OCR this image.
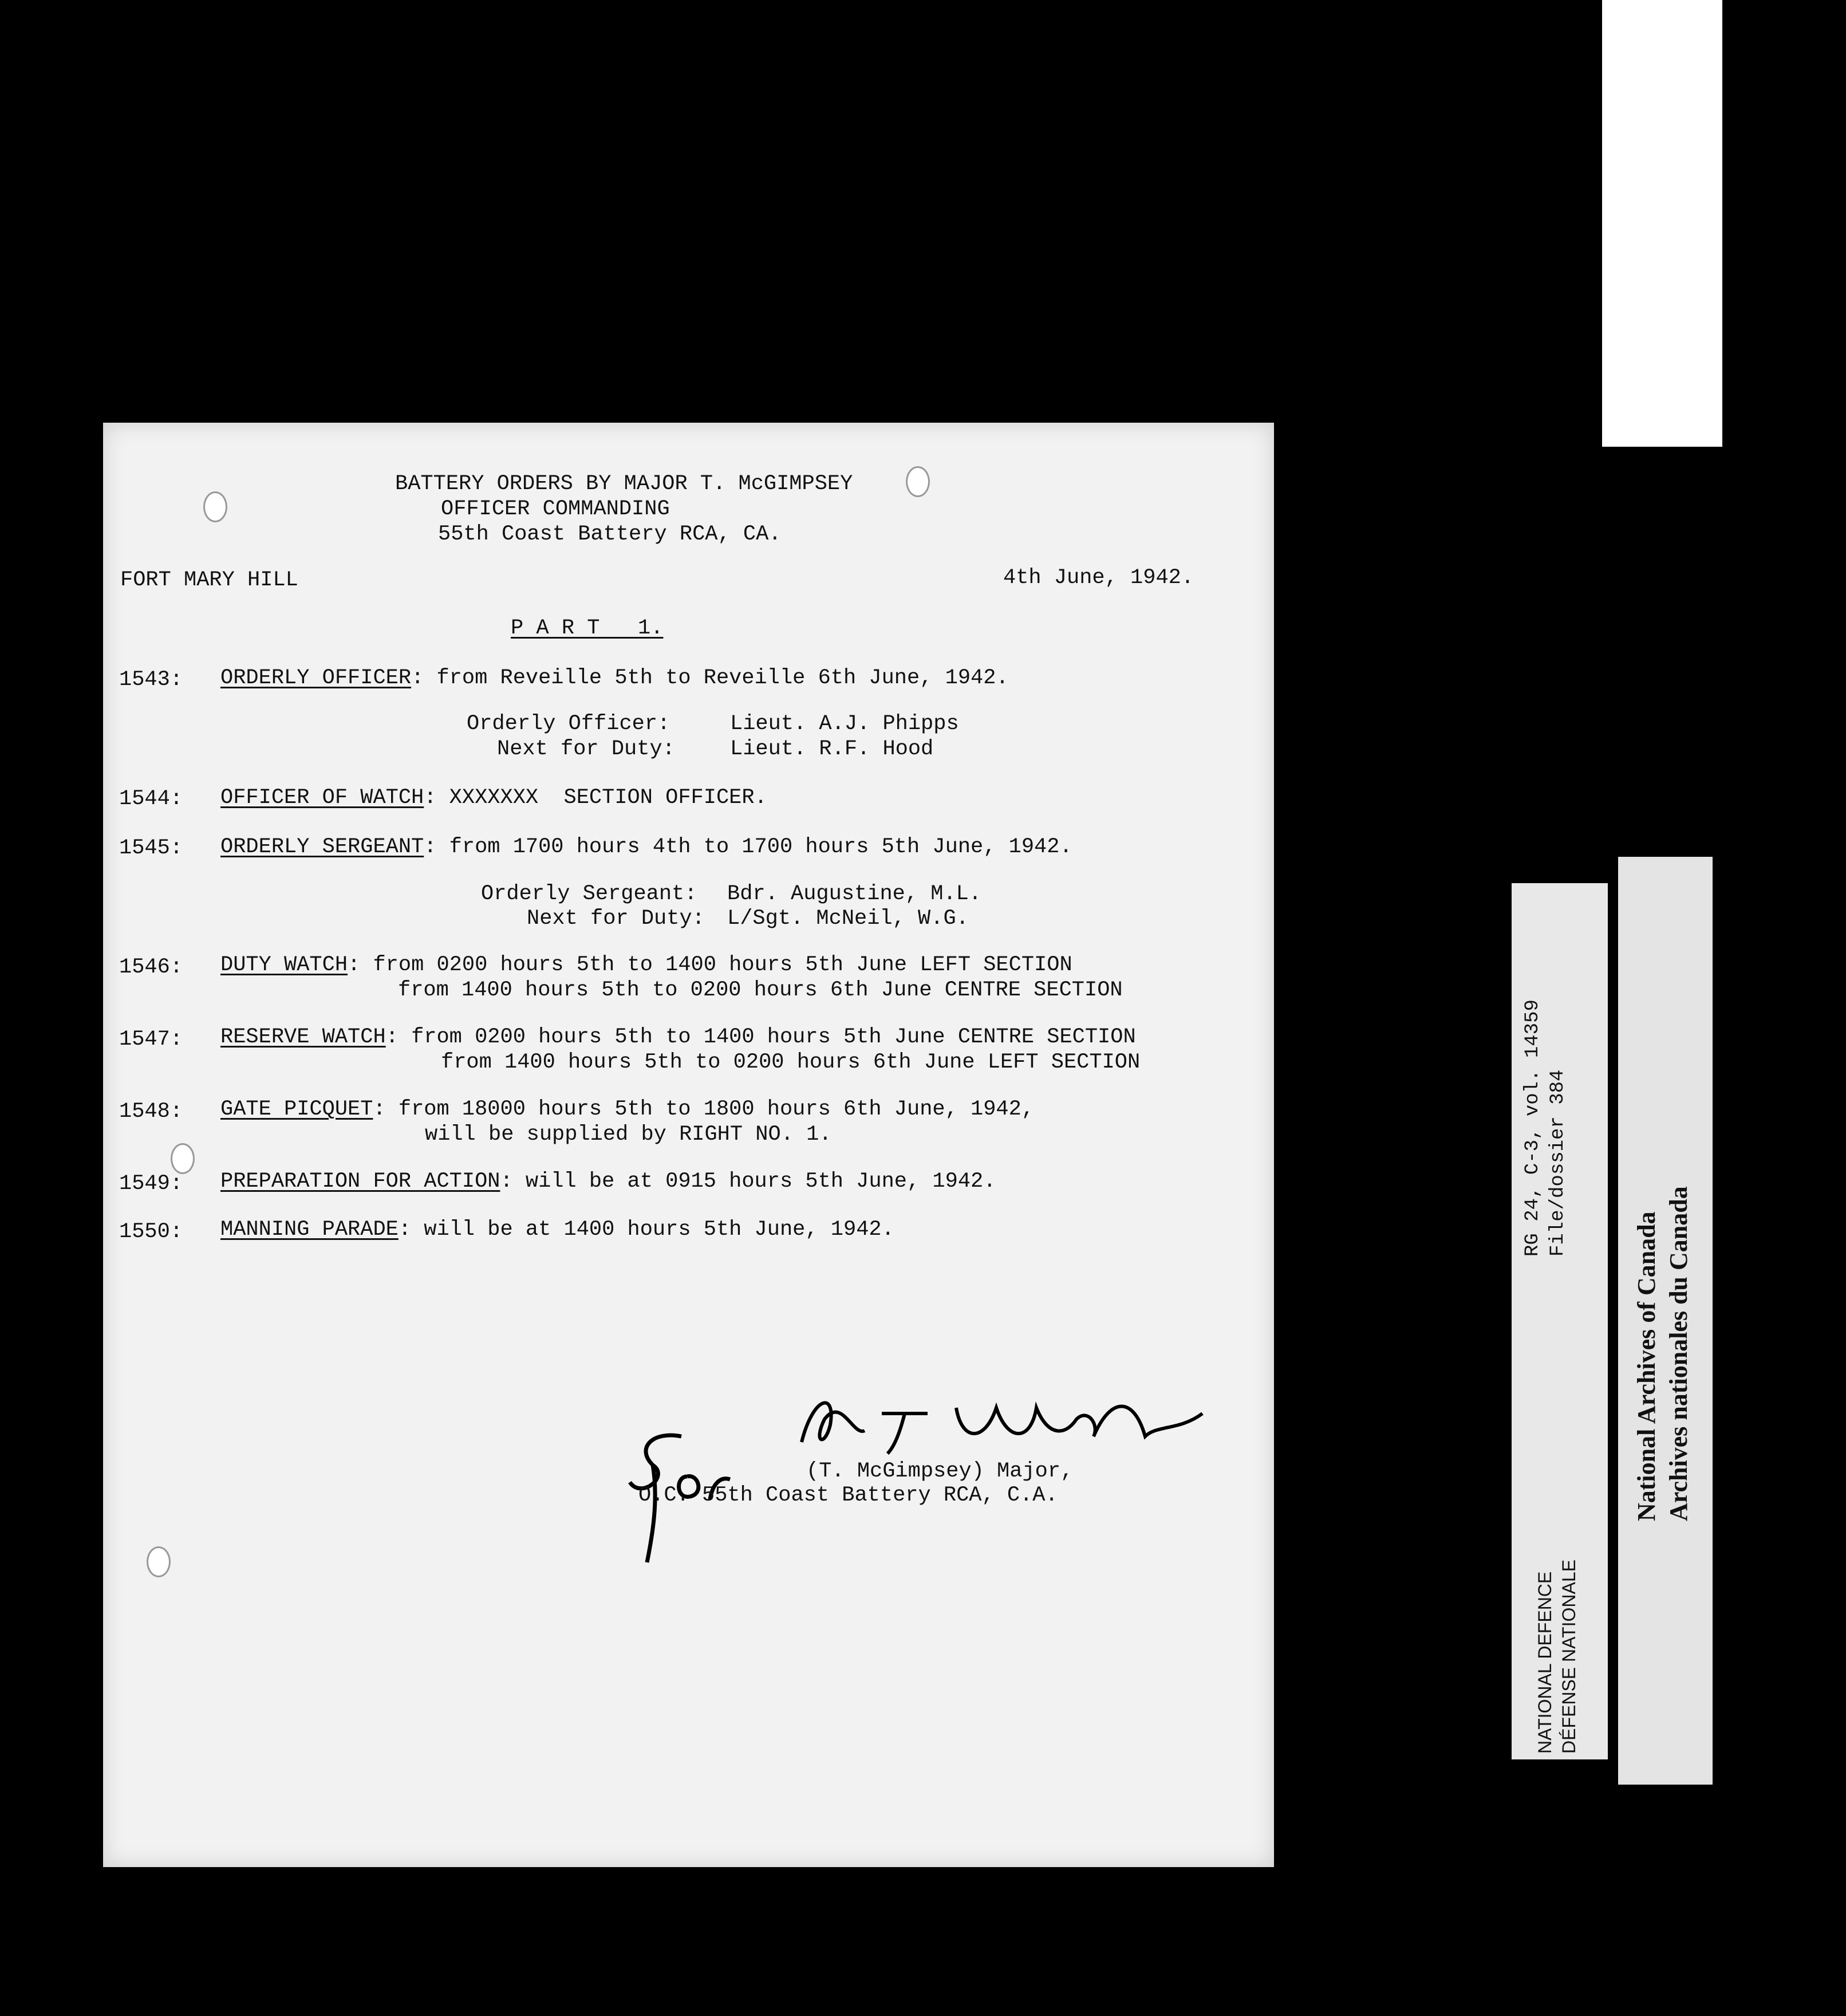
00210
BATTERY ORDERS BY MAJOR T. McGIMPSEY
OFFICER COMMANDING
55th Coast Battery RCA, CA.
FORT MARY HILL	4th June, 1942.
P A R T   1.
1543: ORDERLY OFFICER: from Reveille 5th to Reveille 6th June, 1942.
Orderly Officer:	Lieut. A.J. Phipps
Next for Duty:	Lieut. R.F. Hood
1544: OFFICER OF WATCH: XXXXXXX  SECTION OFFICER.
1545: ORDERLY SERGEANT: from 1700 hours 4th to 1700 hours 5th June, 1942.
Orderly Sergeant: Bdr. Augustine, M.L.
Next for Duty: L/Sgt. McNeil, W.G.
1546: DUTY WATCH: from 0200 hours 5th to 1400 hours 5th June LEFT SECTION
from 1400 hours 5th to 0200 hours 6th June CENTRE SECTION
1547: RESERVE WATCH: from 0200 hours 5th to 1400 hours 5th June CENTRE SECTION
from 1400 hours 5th to 0200 hours 6th June LEFT SECTION
1548: GATE PICQUET: from 18000 hours 5th to 1800 hours 6th June, 1942,
will be supplied by RIGHT NO. 1.
1549: PREPARATION FOR ACTION: will be at 0915 hours 5th June, 1942.
1550: MANNING PARADE: will be at 1400 hours 5th June, 1942.
(T. McGimpsey) Major,
O.C. 55th Coast Battery RCA, C.A.
RG 24, C-3, vol. 14359 File/dossier 384
NATIONAL DEFENCE DÉFENSE NATIONALE
National Archives of Canada Archives nationales du Canada
